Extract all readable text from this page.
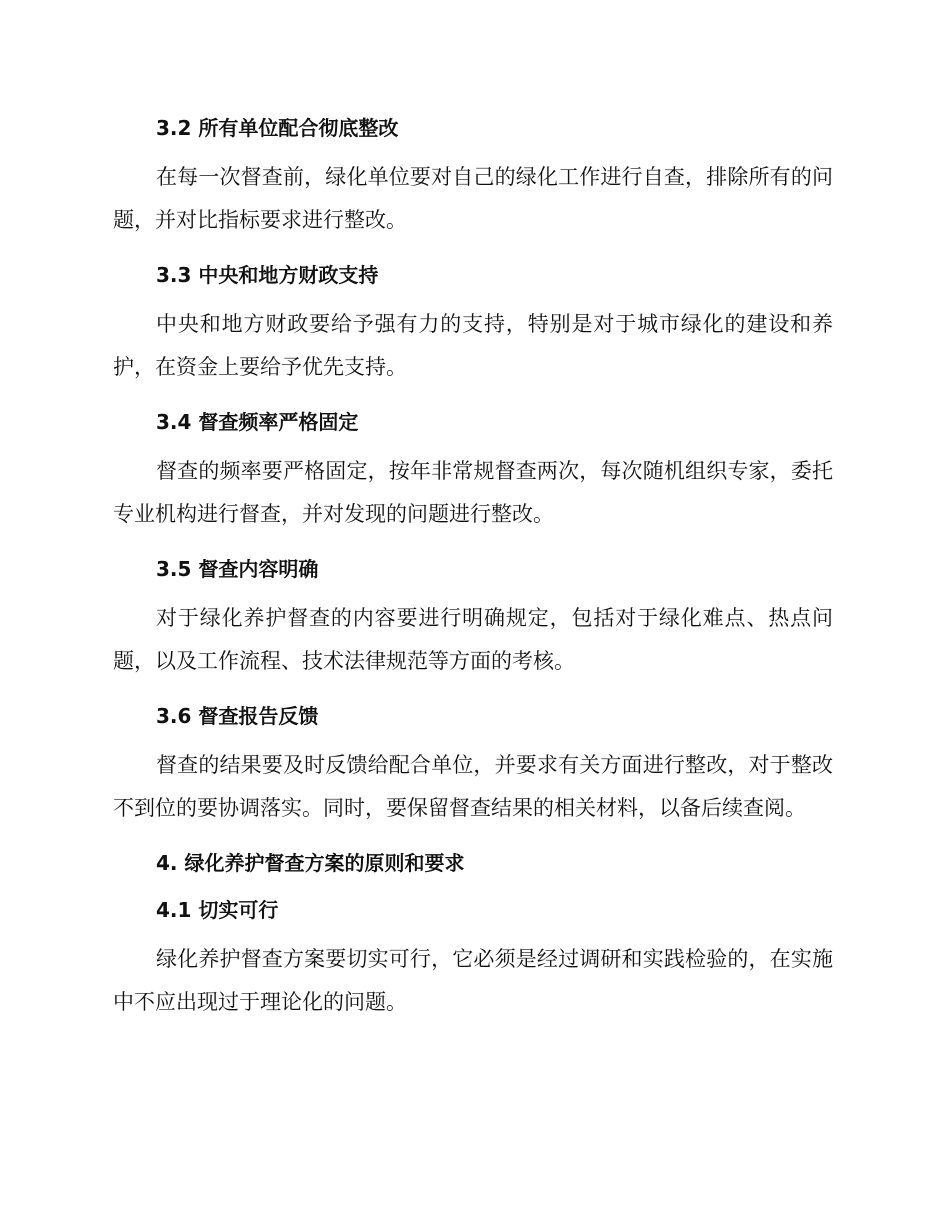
3.2 所有单位配合彻底整改

在每一次督查前，绿化单位要对自己的绿化工作进行自查，排除所有的问题，并对比指标要求进行整改。

3.3 中央和地方财政支持

中央和地方财政要给予强有力的支持，特别是对于城市绿化的建设和养护，在资金上要给予优先支持。

3.4 督查频率严格固定

督查的频率要严格固定，按年非常规督查两次，每次随机组织专家，委托专业机构进行督查，并对发现的问题进行整改。

3.5 督查内容明确

对于绿化养护督查的内容要进行明确规定，包括对于绿化难点、热点问题，以及工作流程、技术法律规范等方面的考核。

3.6 督查报告反馈

督查的结果要及时反馈给配合单位，并要求有关方面进行整改，对于整改不到位的要协调落实。同时，要保留督查结果的相关材料，以备后续查阅。

4. 绿化养护督查方案的原则和要求
4.1 切实可行

绿化养护督查方案要切实可行，它必须是经过调研和实践检验的，在实施中不应出现过于理论化的问题。
